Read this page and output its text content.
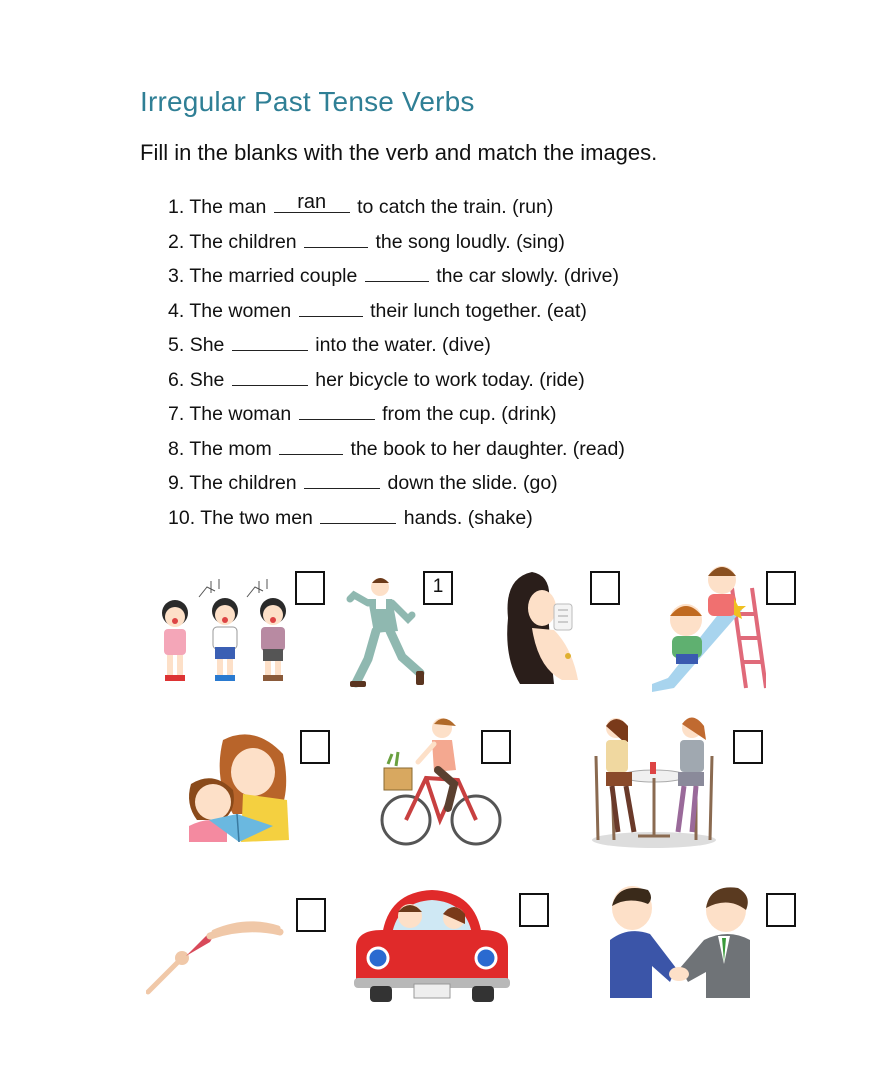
Irregular Past Tense Verbs
Fill in the blanks with the verb and match the images.
1. The man	ran	to catch the train. (run)
2. The children	the song loudly. (sing)
3. The married couple	the car slowly. (drive)
4. The women	their lunch together. (eat)
5. She	into the water. (dive)
6. She	her bicycle to work today. (ride)
7. The woman	from the cup. (drink)
8. The mom	the book to her daughter. (read)
9. The children	down the slide. (go)
10. The two men	hands. (shake)
1
